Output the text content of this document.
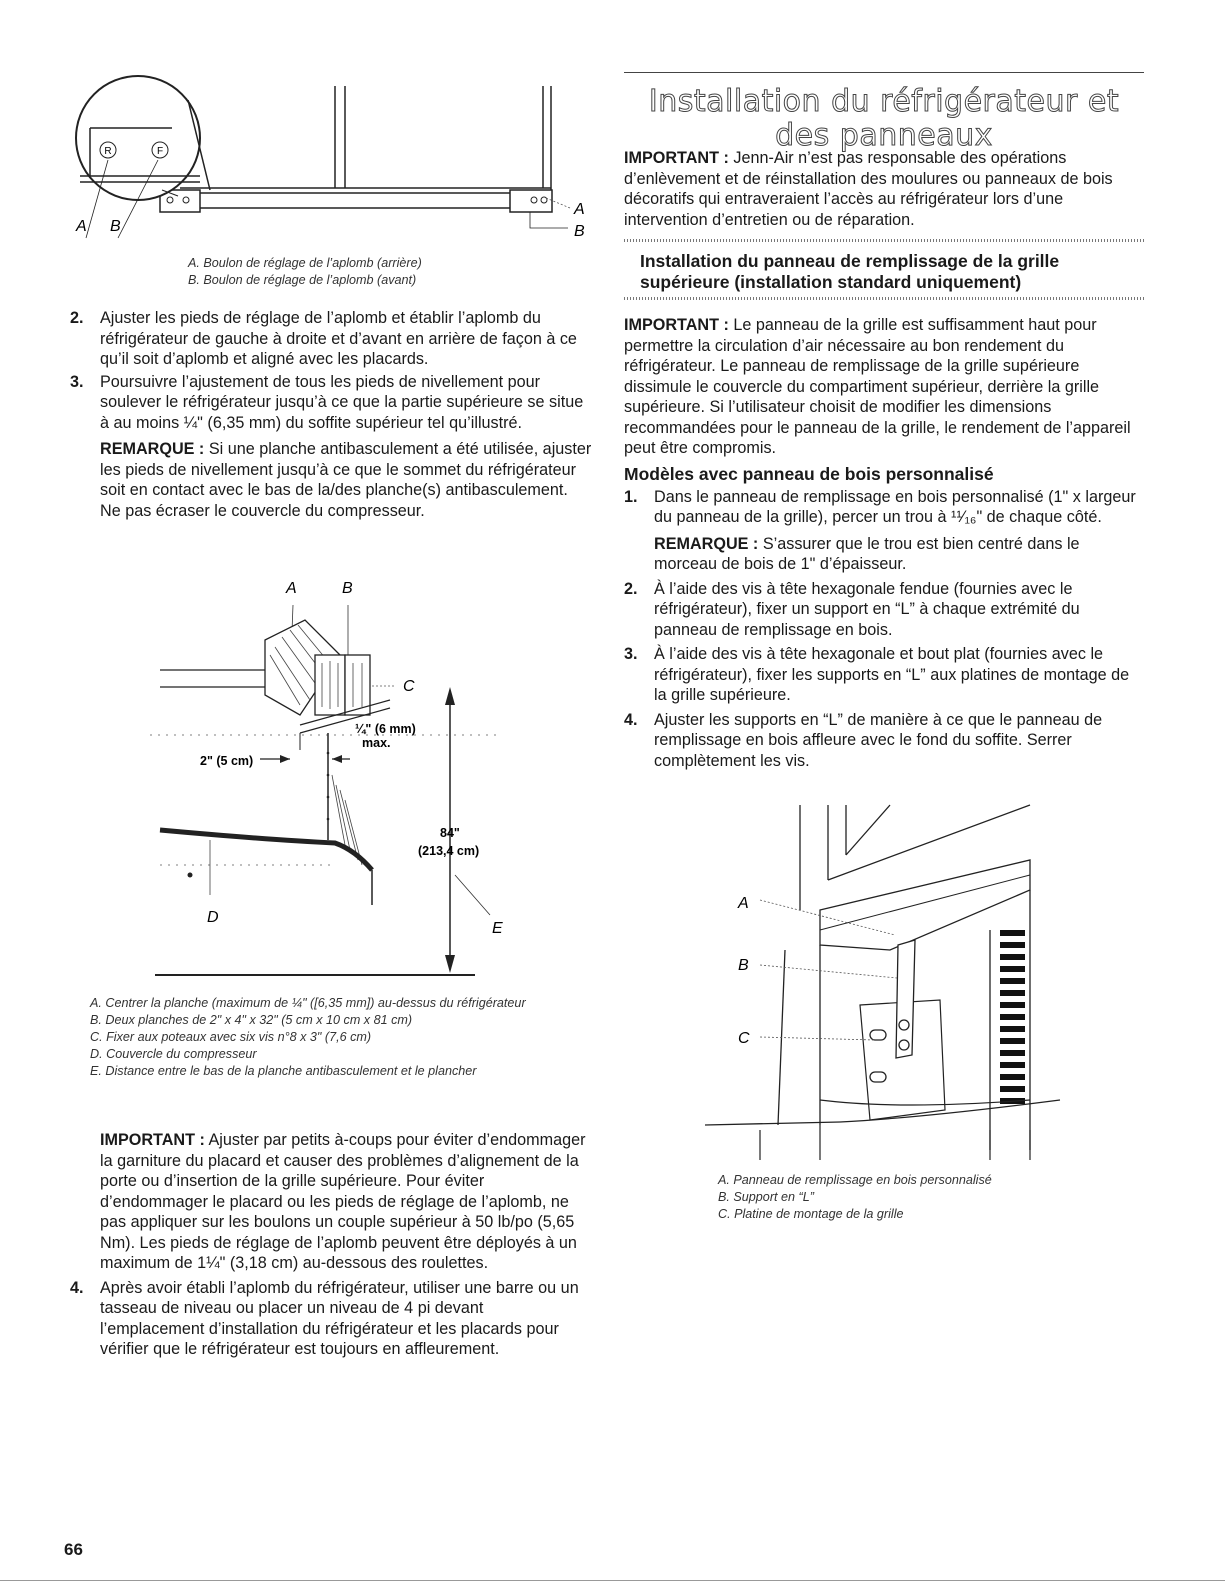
R	F
A B
A
B

A. Boulon de réglage de l’aplomb (arrière)

B. Boulon de réglage de l’aplomb (avant)

2. Ajuster les pieds de réglage de l’aplomb et établir l’aplomb du réfrigérateur de gauche à droite et d’avant en arrière de façon à ce qu’il soit d’aplomb et aligné avec les placards.

3. Poursuivre l’ajustement de tous les pieds de nivellement pour soulever le réfrigérateur jusqu’à ce que la partie supérieure se situe à au moins ¼" (6,35 mm) du soffite supérieur tel qu’illustré.

REMARQUE : Si une planche antibasculement a été utilisée, ajuster les pieds de nivellement jusqu’à ce que le sommet du réfrigérateur soit en contact avec le bas de la/des planche(s) antibasculement. Ne pas écraser le couvercle du compresseur.

A	B
C
¼" (6 mm)
max.
2" (5 cm)
D
84"
(213,4 cm)
E

A. Centrer la planche (maximum de ¼" ([6,35 mm]) au-dessus du réfrigérateur

B. Deux planches de 2" x 4" x 32" (5 cm x 10 cm x 81 cm)

C. Fixer aux poteaux avec six vis n°8 x 3" (7,6 cm)

D. Couvercle du compresseur

E. Distance entre le bas de la planche antibasculement et le plancher

IMPORTANT : Ajuster par petits à-coups pour éviter d’endommager la garniture du placard et causer des problèmes d’alignement de la porte ou d’insertion de la grille supérieure. Pour éviter d’endommager le placard ou les pieds de réglage de l’aplomb, ne pas appliquer sur les boulons un couple supérieur à 50 lb/po (5,65 Nm). Les pieds de réglage de l’aplomb peuvent être déployés à un maximum de 1¼" (3,18 cm) au-dessous des roulettes.

4. Après avoir établi l’aplomb du réfrigérateur, utiliser une barre ou un tasseau de niveau ou placer un niveau de 4 pi devant l’emplacement d’installation du réfrigérateur et les placards pour vérifier que le réfrigérateur est toujours en affleurement.

66
Installation du réfrigérateur et
des panneaux

IMPORTANT : Jenn-Air n’est pas responsable des opérations d’enlèvement et de réinstallation des moulures ou panneaux de bois décoratifs qui entraveraient l’accès au réfrigérateur lors d’une intervention d’entretien ou de réparation.

Installation du panneau de remplissage de la grille
supérieure (installation standard uniquement)

IMPORTANT : Le panneau de la grille est suffisamment haut pour permettre la circulation d’air nécessaire au bon rendement du réfrigérateur. Le panneau de remplissage de la grille supérieure dissimule le couvercle du compartiment supérieur, derrière la grille supérieure. Si l’utilisateur choisit de modifier les dimensions recommandées pour le panneau de la grille, le rendement de l’appareil peut être compromis.

Modèles avec panneau de bois personnalisé
1. Dans le panneau de remplissage en bois personnalisé (1" x largeur du panneau de la grille), percer un trou à ¹¹⁄₁₆" de chaque côté.

REMARQUE : S’assurer que le trou est bien centré dans le morceau de bois de 1" d’épaisseur.

2. À l’aide des vis à tête hexagonale fendue (fournies avec le réfrigérateur), fixer un support en “L” à chaque extrémité du panneau de remplissage en bois.

3. À l’aide des vis à tête hexagonale et bout plat (fournies avec le réfrigérateur), fixer les supports en “L” aux platines de montage de la grille supérieure.

4. Ajuster les supports en “L” de manière à ce que le panneau de remplissage en bois affleure avec le fond du soffite. Serrer complètement les vis.

A
B
C

A. Panneau de remplissage en bois personnalisé

B. Support en “L”

C. Platine de montage de la grille
